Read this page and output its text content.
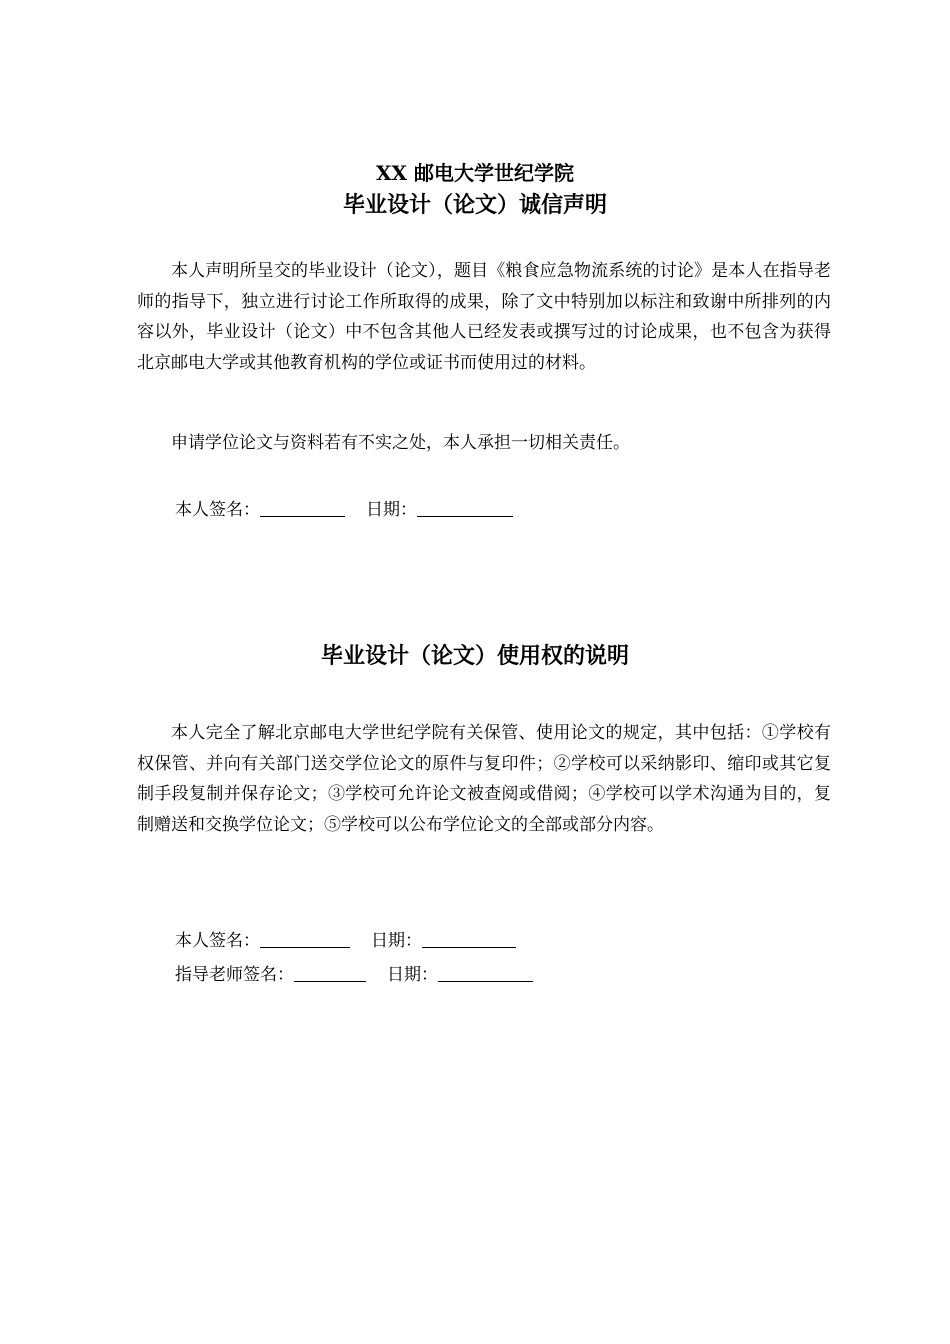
XX 邮电大学世纪学院
毕业设计（论文）诚信声明

本人声明所呈交的毕业设计（论文），题目《粮食应急物流系统的讨论》是本人在指导老师的指导下，独立进行讨论工作所取得的成果，除了文中特别加以标注和致谢中所排列的内容以外，毕业设计（论文）中不包含其他人已经发表或撰写过的讨论成果，也不包含为获得北京邮电大学或其他教育机构的学位或证书而使用过的材料。

申请学位论文与资料若有不实之处，本人承担一切相关责任。

本人签名：	日期：
毕业设计（论文）使用权的说明

本人完全了解北京邮电大学世纪学院有关保管、使用论文的规定，其中包括：①学校有权保管、并向有关部门送交学位论文的原件与复印件；②学校可以采纳影印、缩印或其它复制手段复制并保存论文；③学校可允许论文被查阅或借阅；④学校可以学术沟通为目的，复制赠送和交换学位论文；⑤学校可以公布学位论文的全部或部分内容。

本人签名：	日期：
指导老师签名：	日期：
